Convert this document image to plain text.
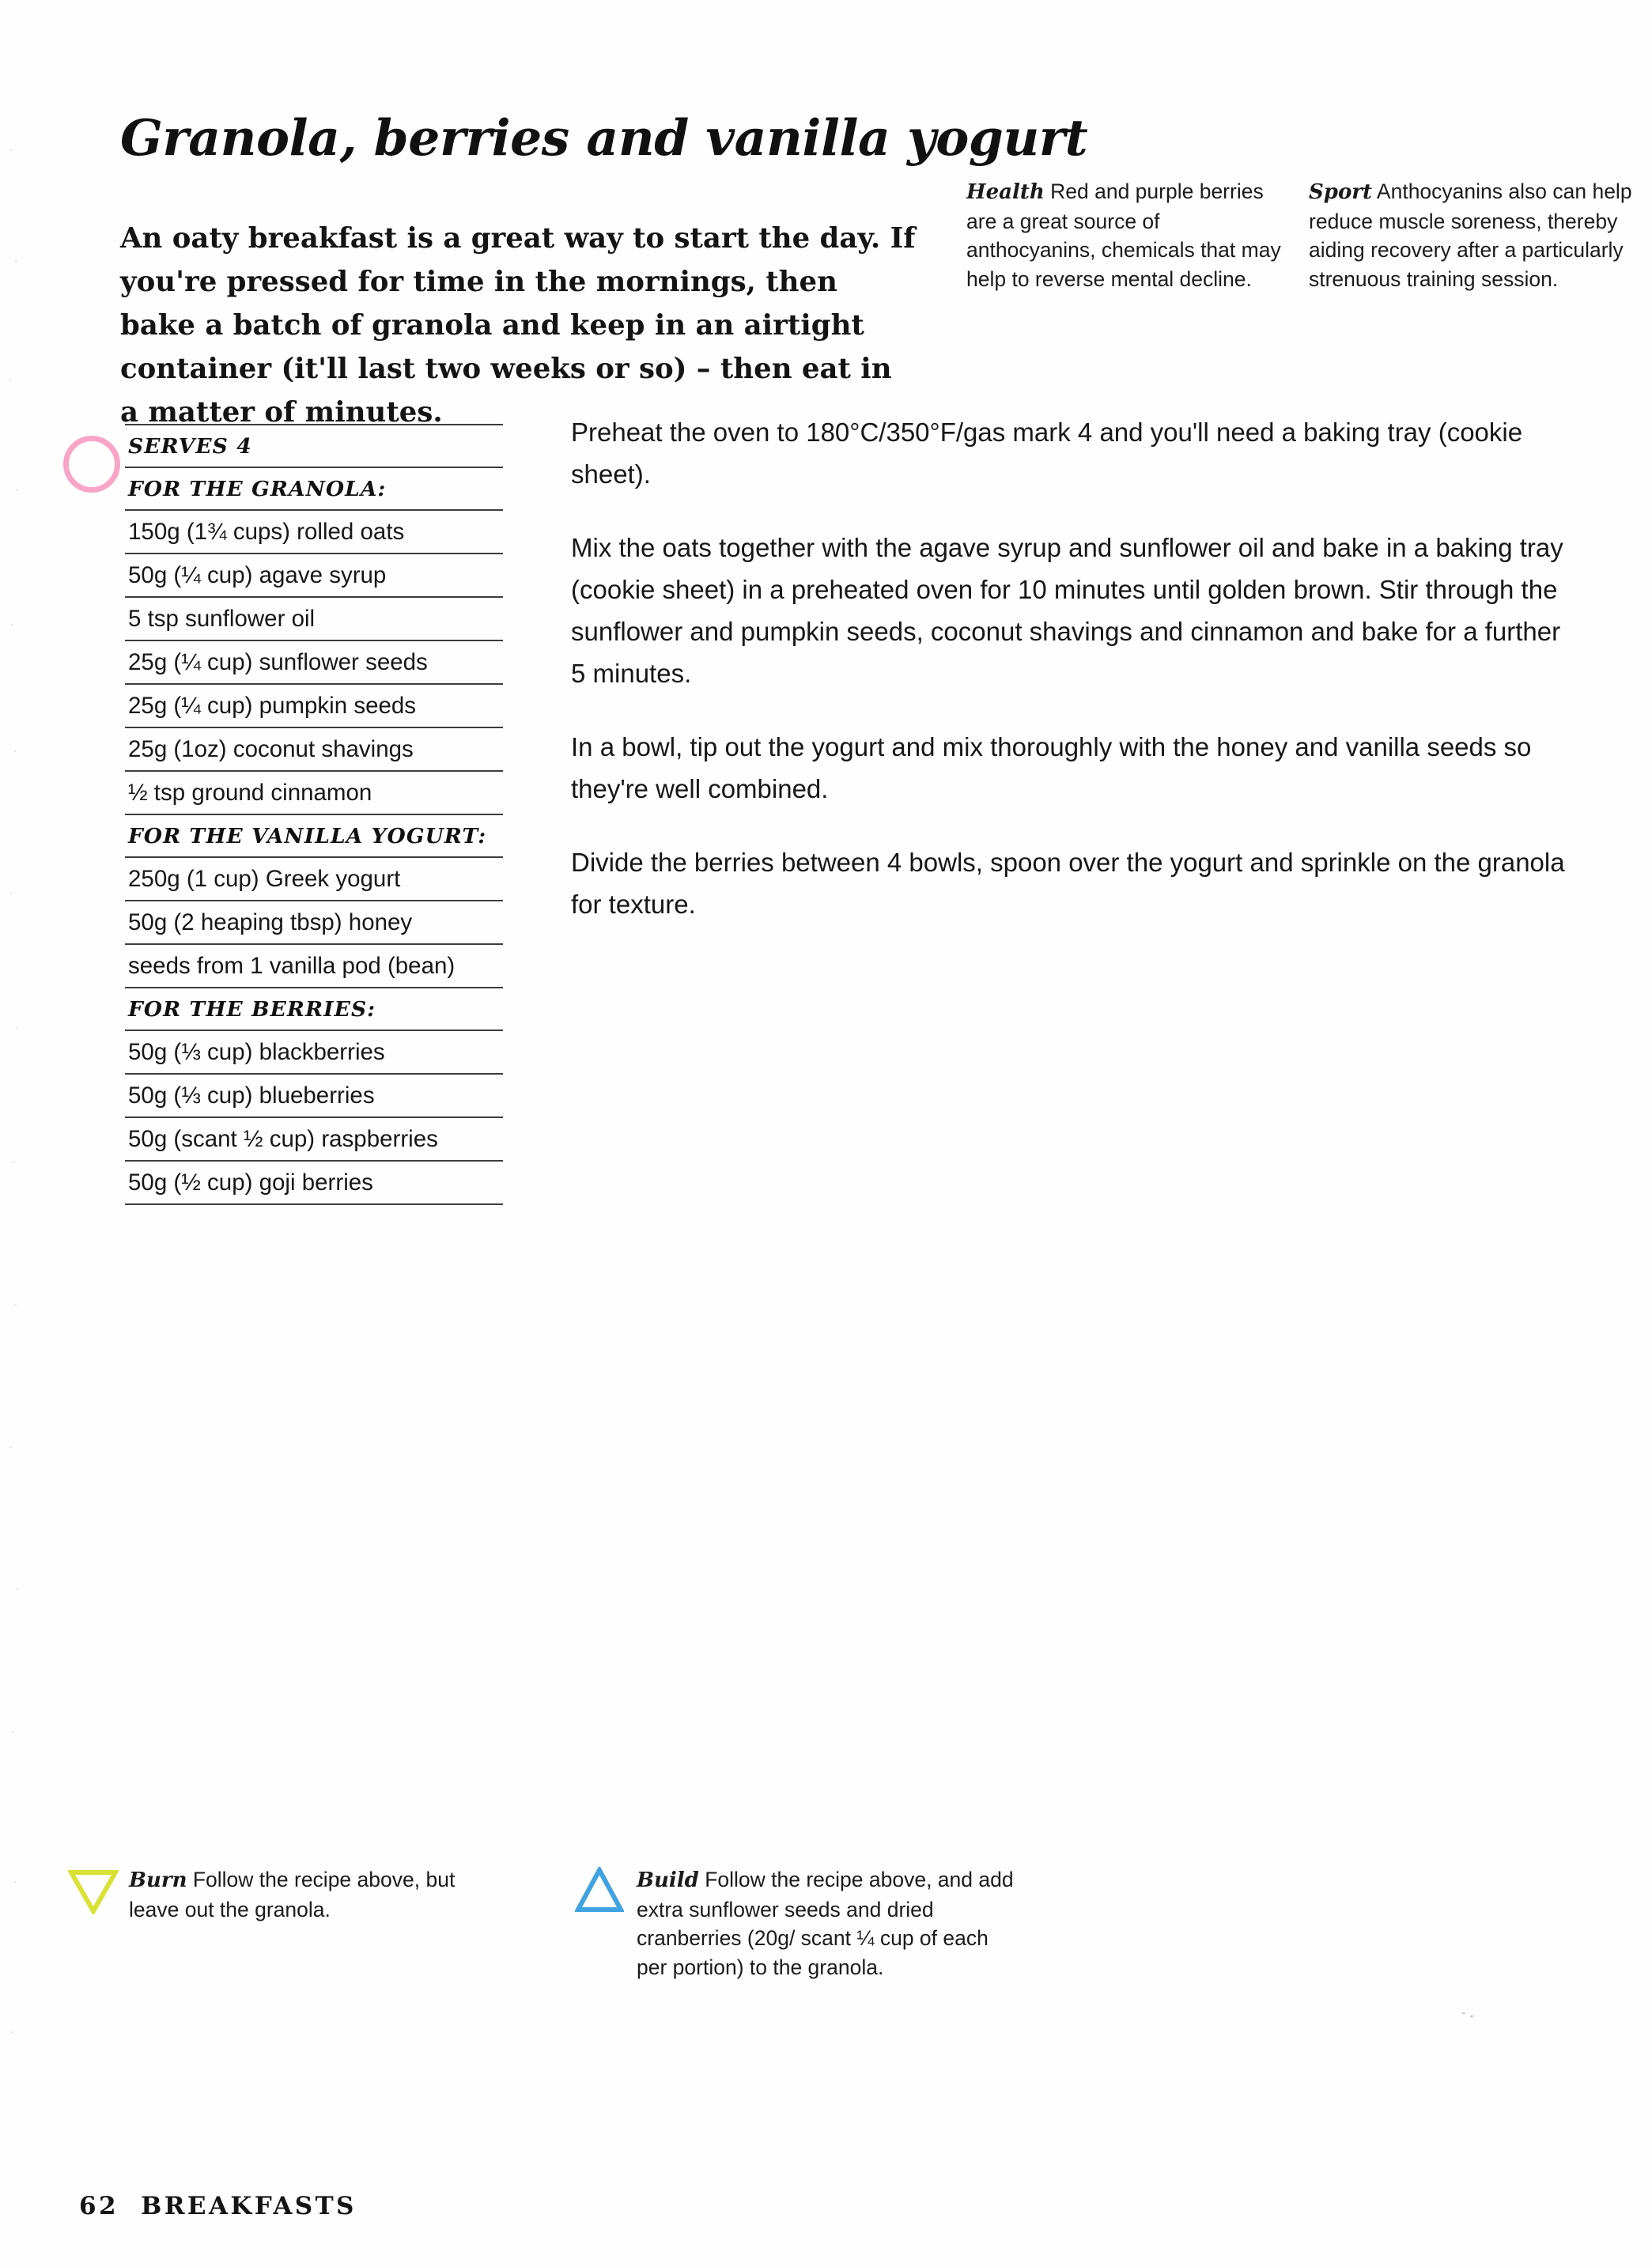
Granola, berries and vanilla yogurt

An oaty breakfast is a great way to start the day. If you're pressed for time in the mornings, then bake a batch of granola and keep in an airtight container (it'll last two weeks or so) – then eat in a matter of minutes.

Health Red and purple berries are a great source of anthocyanins, chemicals that may help to reverse mental decline.
Sport Anthocyanins also can help reduce muscle soreness, thereby aiding recovery after a particularly strenuous training session.
SERVES 4
FOR THE GRANOLA:
150g (1¾ cups) rolled oats
50g (¼ cup) agave syrup
5 tsp sunflower oil
25g (¼ cup) sunflower seeds
25g (¼ cup) pumpkin seeds
25g (1oz) coconut shavings
½ tsp ground cinnamon
FOR THE VANILLA YOGURT:
250g (1 cup) Greek yogurt
50g (2 heaping tbsp) honey
seeds from 1 vanilla pod (bean)
FOR THE BERRIES:
50g (⅓ cup) blackberries
50g (⅓ cup) blueberries
50g (scant ½ cup) raspberries
50g (½ cup) goji berries

Preheat the oven to 180°C/350°F/gas mark 4 and you'll need a baking tray (cookie sheet).

Mix the oats together with the agave syrup and sunflower oil and bake in a baking tray (cookie sheet) in a preheated oven for 10 minutes until golden brown. Stir through the sunflower and pumpkin seeds, coconut shavings and cinnamon and bake for a further 5 minutes.

In a bowl, tip out the yogurt and mix thoroughly with the honey and vanilla seeds so they're well combined.

Divide the berries between 4 bowls, spoon over the yogurt and sprinkle on the granola for texture.

Burn Follow the recipe above, but leave out the granola.
Build Follow the recipe above, and add extra sunflower seeds and dried cranberries (20g/ scant ¼ cup of each per portion) to the granola.
62 BREAKFASTS
